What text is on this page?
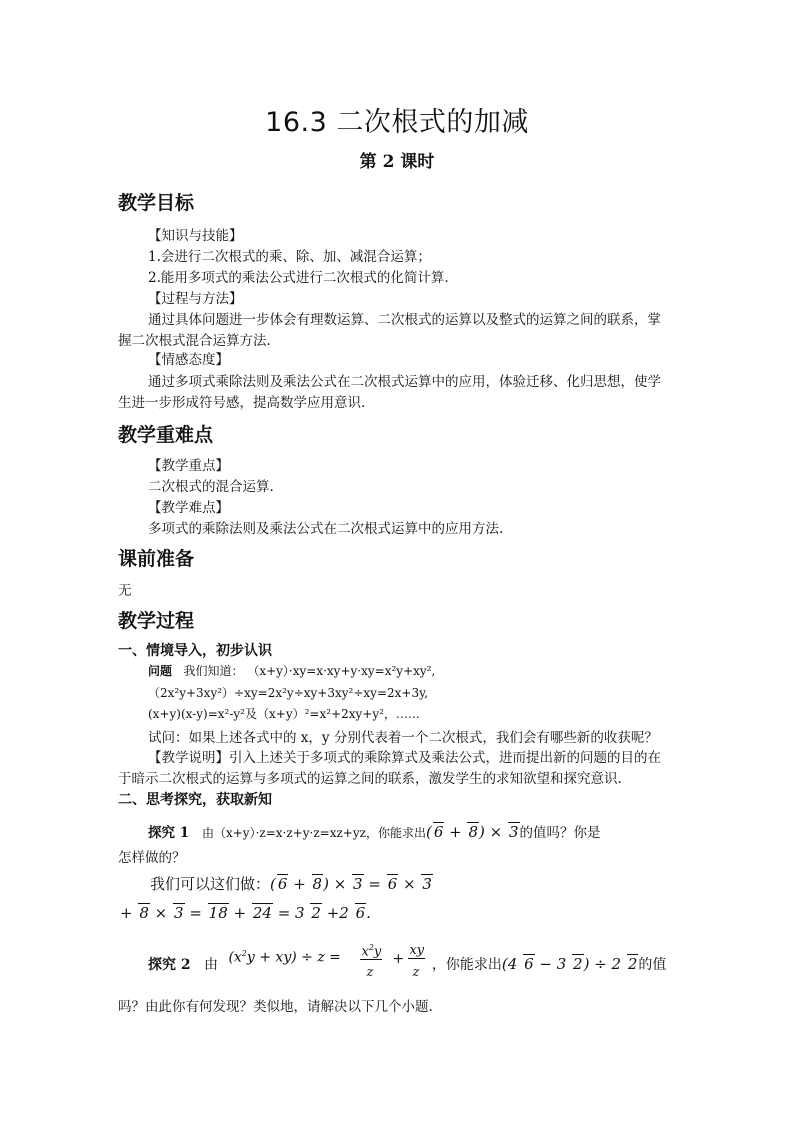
16.3 二次根式的加减
第 2 课时
教学目标
【知识与技能】
1.会进行二次根式的乘、除、加、减混合运算；
2.能用多项式的乘法公式进行二次根式的化简计算.
【过程与方法】
通过具体问题进一步体会有理数运算、二次根式的运算以及整式的运算之间的联系，掌
握二次根式混合运算方法.
【情感态度】
通过多项式乘除法则及乘法公式在二次根式运算中的应用，体验迁移、化归思想，使学
生进一步形成符号感，提高数学应用意识.
教学重难点
【教学重点】
二次根式的混合运算.
【教学难点】
多项式的乘除法则及乘法公式在二次根式运算中的应用方法.
课前准备
无
教学过程
一、情境导入，初步认识
问题 我们知道： （x+y）·xy=x·xy+y·xy=x²y+xy²,
（2x²y+3xy²）÷xy=2x²y÷xy+3xy²÷xy=2x+3y,
(x+y)(x-y)=x²-y²及（x+y）²=x²+2xy+y²，……
试问：如果上述各式中的 x，y 分别代表着一个二次根式，我们会有哪些新的收获呢？
【教学说明】引入上述关于多项式的乘除算式及乘法公式，进而提出新的问题的目的在
于暗示二次根式的运算与多项式的运算之间的联系，激发学生的求知欲望和探究意识.
二、思考探究，获取新知
探究 1 由（x+y）·z=x·z+y·z=xz+yz，你能求出( 6 + 8) × 3的值吗？你是
怎样做的？
我们可以这们做：( 6 + 8) × 3 = 6 × 3
+ 8 × 3 = 18 + 24 = 3 2 +2 6.
探究 2 由 $(x^2y + xy) \div z = x^2y$
z
+
xy
z ，你能求出(4 6 − 3 2) ÷ 2 2的值
吗？由此你有何发现？类似地，请解决以下几个小题.
